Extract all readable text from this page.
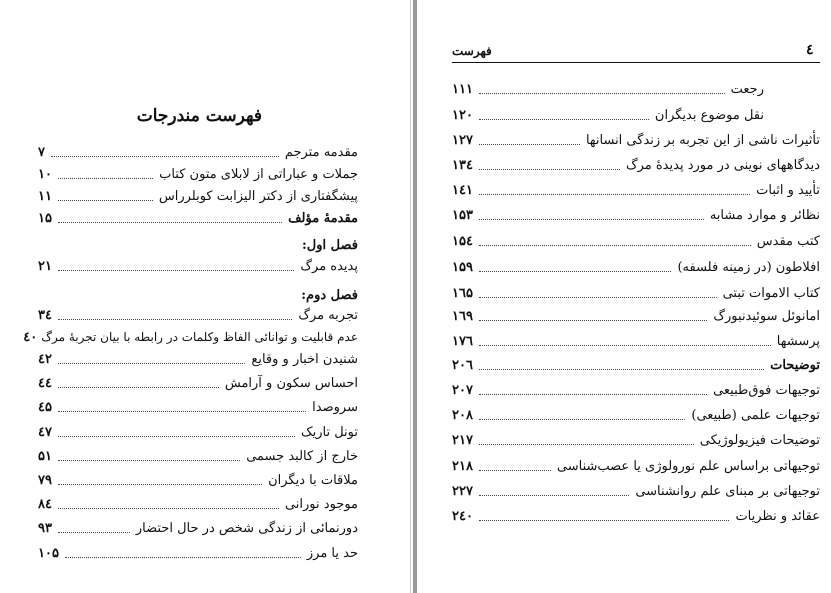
فهرست مندرجات
مقدمه مترجم
۷
جملات و عباراتی از لابلای متون کتاب
۱۰
پیشگفتاری از دکتر الیزابت کوبلرراس
۱۱
مقدمهٔ مؤلف
۱۵
فصل اول:
پدیده مرگ
۲۱
فصل دوم:
تجربه مرگ
۳٤
عدم قابلیت و توانائی الفاظ وکلمات در رابطه با بیان تجربهٔ مرگ
٤۰
شنیدن اخبار و وقایع
٤۲
احساس سکون و آرامش
٤٤
سروصدا
٤۵
تونل تاریک
٤۷
خارج از کالبد جسمی
۵۱
ملاقات با دیگران
۷۹
موجود نورانی
۸٤
دورنمائی از زندگی شخص در حال احتضار
۹۳
حد یا مرز
۱۰۵
٤
فهرست
رجعت
۱۱۱
نقل موضوع بدیگران
۱۲۰
تأثیرات ناشی از این تجربه بر زندگی انسانها
۱۲۷
دیدگاههای نوینی در مورد پدیدهٔ مرگ
۱۳٤
تأیید و اثبات
۱٤۱
نظائر و موارد مشابه
۱۵۳
کتب مقدس
۱۵٤
افلاطون (در زمینه فلسفه)
۱۵۹
کتاب الاموات تبتی
۱٦۵
امانوئل سوئیدنبورگ
۱٦۹
پرسشها
۱۷٦
توضیحات
۲۰٦
توجیهات فوق‌طبیعی
۲۰۷
توجیهات علمی (طبیعی)
۲۰۸
توضیحات فیزیولوژیکی
۲۱۷
توجیهاتی براساس علم نورولوژی یا عصب‌شناسی
۲۱۸
توجیهاتی بر مبنای علم روانشناسی
۲۲۷
عقائد و نظریات
۲٤۰
